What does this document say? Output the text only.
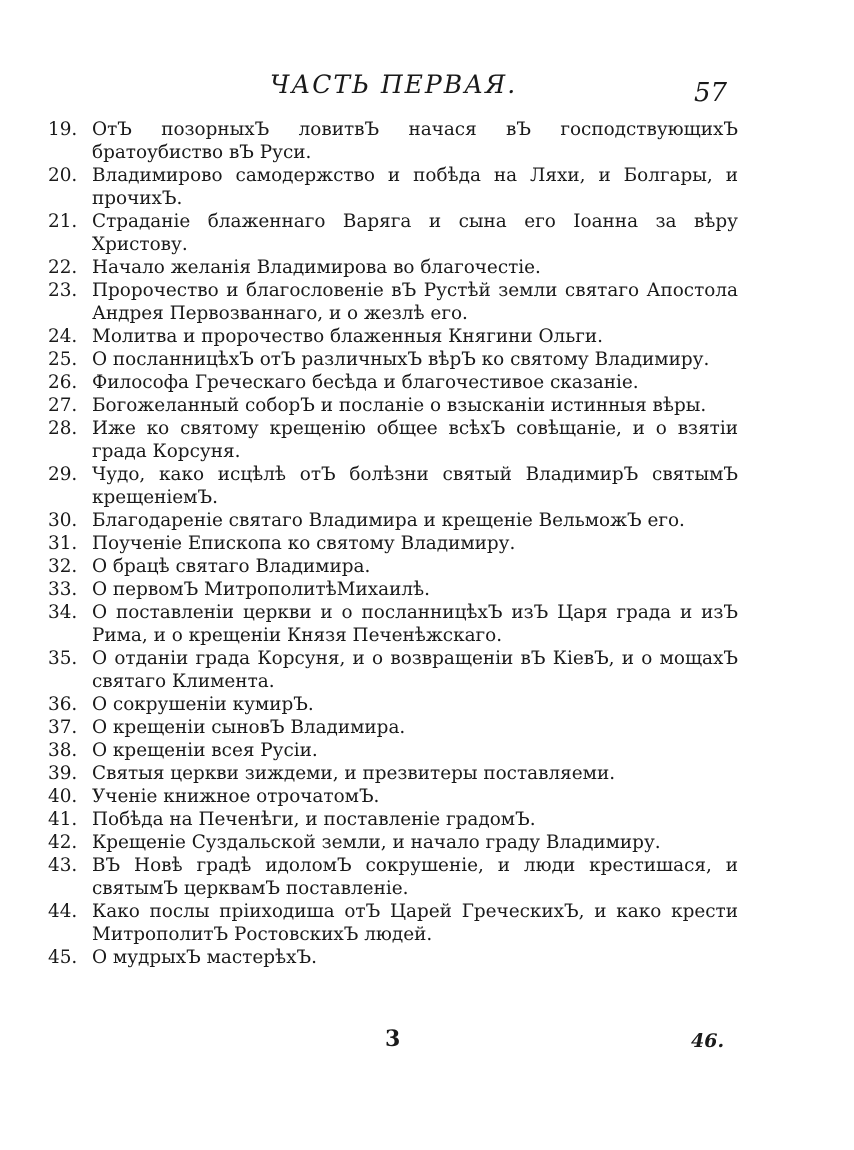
ЧАСТЬ ПЕРВАЯ.	57
19. ОтЪ позорныхЪ ловитвЪ начася вЪ господствующихЪ братоубиствo вЪ Руси.
20. Владимирово самодержство и побѣда на Ляхи, и Болгары, и прочихЪ.
21. Страданіе блаженнаго Варяга и сына его Іоанна за вѣру Христову.
22. Начало желанія Владимирова во благочестіе.
23. Пророчество и благословеніе вЪ Рустѣй земли святаго Апостола Андрея Первозваннаго, и о жезлѣ его.
24. Молитва и пророчество блаженныя Княгини Ольги.
25. О посланницѣхЪ отЪ различныхЪ вѣрЪ ко святому Владимиру.
26. Философа Греческаго бесѣда и благочестивое сказаніе.
27. Богожеланный соборЪ и посланіе о взысканіи истинныя вѣры.
28. Иже ко святому крещенію общее всѣхЪ совѣщаніе, и о взятіи града Корсуня.
29. Чудо, како исцѣлѣ отЪ болѣзни святый ВладимирЪ святымЪ крещеніемЪ.
30. Благодареніе святаго Владимира и крещеніе ВельможЪ его.
31. Поученіе Епископа ко святому Владимиру.
32. О брацѣ святаго Владимира.
33. О первомЪ МитрополитѣМихаилѣ.
34. О поставленіи церкви и о посланницѣхЪ изЪ Царя града и изЪ Рима, и о крещеніи Князя Печенѣжскаго.
35. О отданіи града Корсуня, и о возвращеніи вЪ КіевЪ, и о мощахЪ святаго Климента.
36. О сокрушеніи кумирЪ.
37. О крещеніи сыновЪ Владимира.
38. О крещеніи всея Русіи.
39. Святыя церкви зиждеми, и презвитеры поставляеми.
40. Ученіе книжное отрочатомЪ.
41. Побѣда на Печенѣги, и поставленіе градомЪ.
42. Крещеніе Суздальской земли, и начало граду Владимиру.
43. ВЪ Новѣ градѣ идоломЪ сокрушеніе, и люди крестишася, и святымЪ церквамЪ поставленіе.
44. Како послы пріиходиша отЪ Царей ГреческихЪ, и како крести МитрополитЪ РостовскихЪ людей.
45. О мудрыхЪ мастерѣхЪ.
3	46.
